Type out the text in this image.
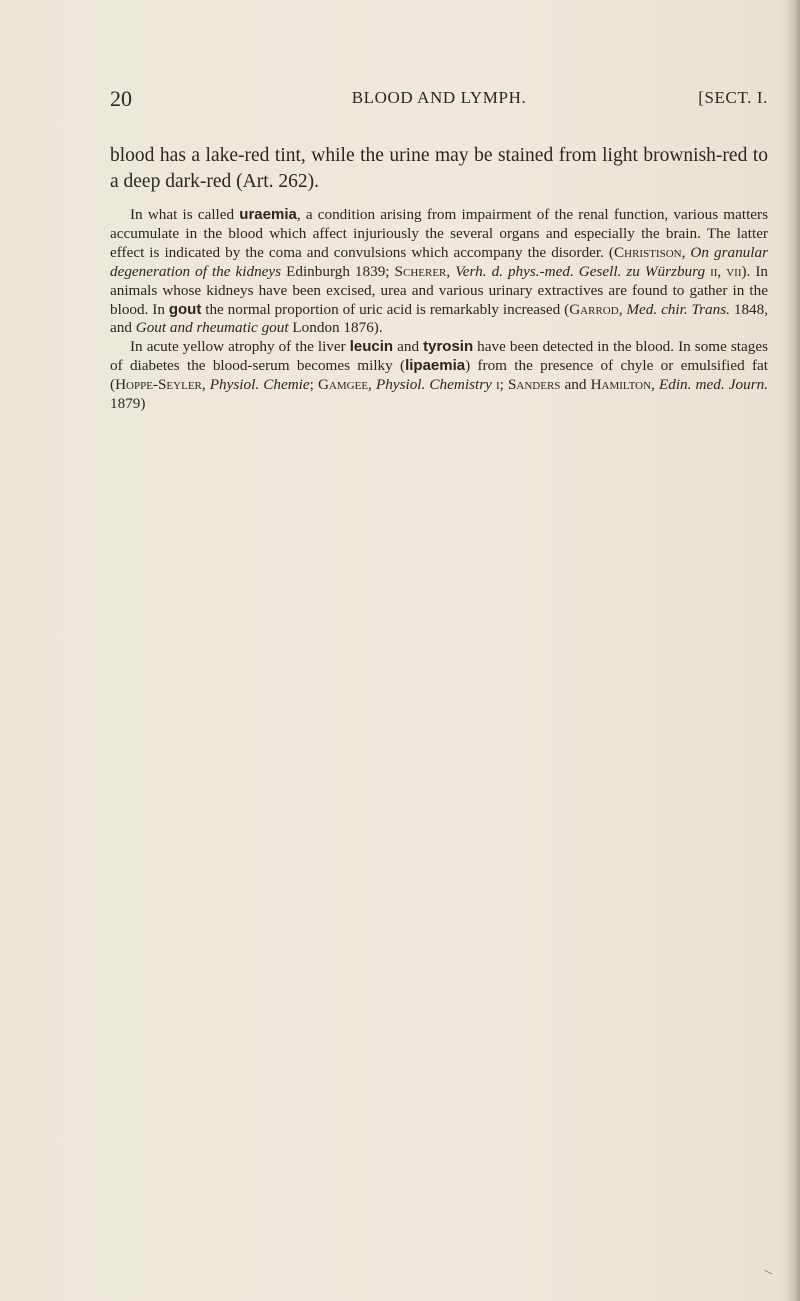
20	BLOOD AND LYMPH.	[SECT. I.
blood has a lake-red tint, while the urine may be stained from light brownish-red to a deep dark-red (Art. 262).

In what is called uraemia, a condition arising from impairment of the renal function, various matters accumulate in the blood which affect injuriously the several organs and especially the brain. The latter effect is indicated by the coma and convulsions which accompany the disorder. (Christison, On granular degeneration of the kidneys Edinburgh 1839; Scherer, Verh. d. phys.-med. Gesell. zu Würzburg ii, vii). In animals whose kidneys have been excised, urea and various urinary extractives are found to gather in the blood. In gout the normal proportion of uric acid is remarkably increased (Garrod, Med. chir. Trans. 1848, and Gout and rheumatic gout London 1876).

In acute yellow atrophy of the liver leucin and tyrosin have been detected in the blood. In some stages of diabetes the blood-serum becomes milky (lipaemia) from the presence of chyle or emulsified fat (Hoppe-Seyler, Physiol. Chemie; Gamgee, Physiol. Chemistry i; Sanders and Hamilton, Edin. med. Journ. 1879)

\
